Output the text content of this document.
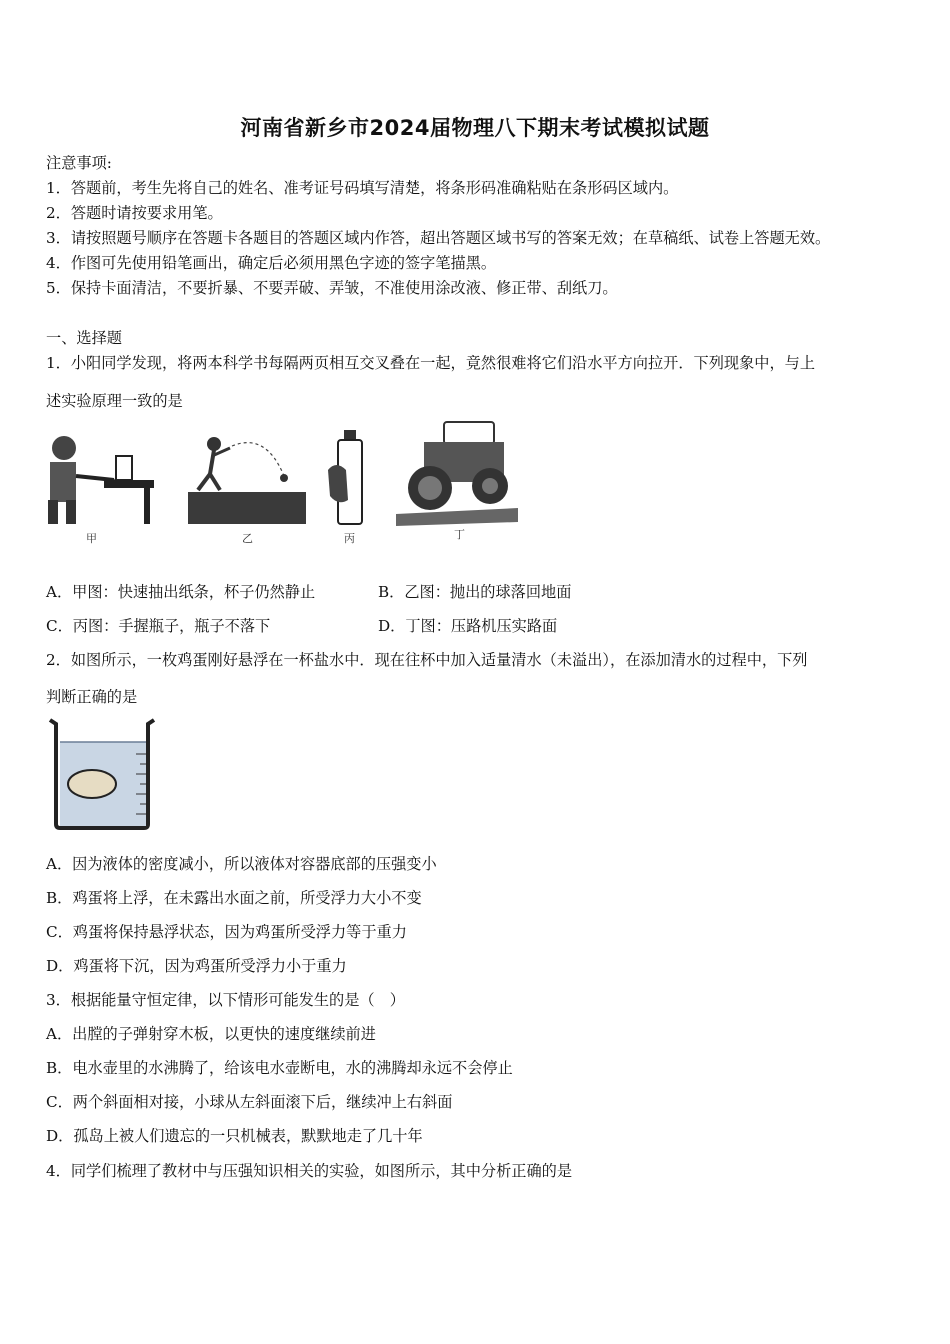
河南省新乡市2024届物理八下期末考试模拟试题
注意事项:
1．答题前，考生先将自己的姓名、准考证号码填写清楚，将条形码准确粘贴在条形码区域内。
2．答题时请按要求用笔。
3．请按照题号顺序在答题卡各题目的答题区域内作答，超出答题区域书写的答案无效；在草稿纸、试卷上答题无效。
4．作图可先使用铅笔画出，确定后必须用黑色字迹的签字笔描黑。
5．保持卡面清洁，不要折暴、不要弄破、弄皱，不准使用涂改液、修正带、刮纸刀。
一、选择题
1．小阳同学发现，将两本科学书每隔两页相互交叉叠在一起，竟然很难将它们沿水平方向拉开．下列现象中，与上
述实验原理一致的是
甲	乙	丙	丁
A．甲图：快速抽出纸条，杯子仍然静止	B．乙图：抛出的球落回地面
C．丙图：手握瓶子，瓶子不落下	D．丁图：压路机压实路面
2．如图所示，一枚鸡蛋刚好悬浮在一杯盐水中．现在往杯中加入适量清水（未溢出），在添加清水的过程中，下列
判断正确的是
A．因为液体的密度减小，所以液体对容器底部的压强变小
B．鸡蛋将上浮，在未露出水面之前，所受浮力大小不变
C．鸡蛋将保持悬浮状态，因为鸡蛋所受浮力等于重力
D．鸡蛋将下沉，因为鸡蛋所受浮力小于重力
3．根据能量守恒定律，以下情形可能发生的是（　）
A．出膛的子弹射穿木板，以更快的速度继续前进
B．电水壶里的水沸腾了，给该电水壶断电，水的沸腾却永远不会停止
C．两个斜面相对接，小球从左斜面滚下后，继续冲上右斜面
D．孤岛上被人们遗忘的一只机械表，默默地走了几十年
4．同学们梳理了教材中与压强知识相关的实验，如图所示，其中分析正确的是
